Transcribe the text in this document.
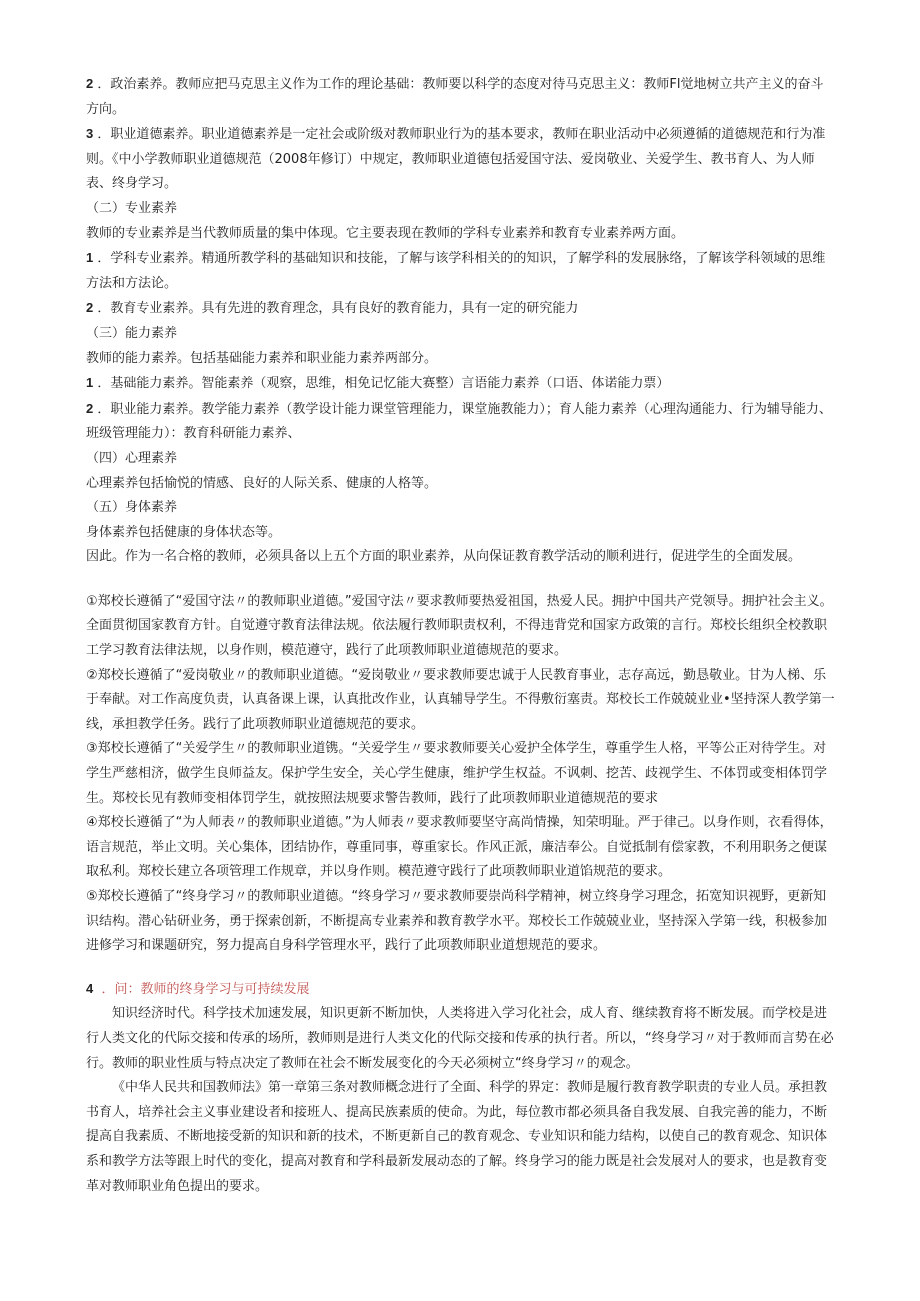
2 ．政治素养。教师应把马克思主义作为工作的理论基础：教师要以科学的态度对待马克思主义：教师Fl觉地树立共产主义的奋斗方向。

3 ．职业道德素养。职业道德素养是一定社会或阶级对教师职业行为的基本要求，教师在职业活动中必须遵循的道德规范和行为准则。《中小学教师职业道德规范（2008年修订）中规定，教师职业道德包括爱国守法、爱岗敬业、关爱学生、教书育人、为人师表、终身学习。

（二）专业素养

教师的专业素养是当代教师质量的集中体现。它主要表现在教师的学科专业素养和教育专业素养两方面。

1 ．学科专业素养。精通所教学科的基础知识和技能，了解与该学科相关的的知识，了解学科的发展脉络，了解该学科领域的思维方法和方法论。

2 ．教育专业素养。具有先进的教育理念，具有良好的教育能力，具有一定的研究能力

（三）能力素养

教师的能力素养。包括基础能力素养和职业能力素养两部分。

1 ．基础能力素养。智能素养（观察，思维，相免记忆能大赛整）言语能力素养（口语、体诺能力票）

2 ．职业能力素养。教学能力素养（教学设计能力课堂管理能力，课堂施教能力）；育人能力素养（心理沟通能力、行为辅导能力、班级管理能力）：教育科研能力素养、

（四）心理素养

心理素养包括愉悦的情感、良好的人际关系、健康的人格等。

（五）身体素养

身体素养包括健康的身体状态等。

因此。作为一名合格的教师，必须具备以上五个方面的职业素养，从向保证教育教学活动的顺利进行，促进学生的全面发展。

①郑校长遵循了“爱国守法〃的教师职业道德。”爱国守法〃要求教师要热爱祖国，热爱人民。拥护中国共产党领导。拥护社会主义。全面贯彻国家教育方针。自觉遵守教育法律法规。依法履行教师职责权利，不得违背党和国家方政策的言行。郑校长组织全校教职工学习教育法律法规，以身作则，模范遵守，践行了此项教师职业道德规范的要求。

②郑校长遵循了“爱岗敬业〃的教师职业道德。“爱岗敬业〃要求教师要忠诚于人民教育事业，志存高远，勤恳敬业。甘为人梯、乐于奉献。对工作高度负责，认真备课上课，认真批改作业，认真辅导学生。不得敷衍塞责。郑校长工作兢兢业业•坚持深人教学第一线，承担教学任务。践行了此项教师职业道德规范的要求。

③郑校长遵循了“关爱学生〃的教师职业道镌。“关爱学生〃要求教师要关心爱护全体学生，尊重学生人格，平等公正对待学生。对学生严慈相济，做学生良师益友。保护学生安全，关心学生健康，维护学生权益。不讽刺、挖苦、歧视学生、不体罚或变相体罚学生。郑校长见有教师变相体罚学生，就按照法规要求警告教师，践行了此项教师职业道德规范的要求

④郑校长遵循了“为人师表〃的教师职业道德。”为人师表〃要求教师要坚守高尚情操，知荣明耻。严于律己。以身作则，衣看得体，语言规范，举止文明。关心集体，团结协作，尊重同事，尊重家长。作风正派，廉洁奉公。自觉抵制有偿家教，不利用职务之便谋取私利。郑校长建立各项管理工作规章，并以身作则。模范遵守践行了此项教师职业道馅规范的要求。

⑤郑校长遵循了“终身学习〃的教师职业道德。“终身学习〃要求教师要崇尚科学精神，树立终身学习理念，拓宽知识视野，更新知识结构。潜心钻研业务，勇于探索创新，不断提高专业素养和教育教学水平。郑校长工作兢兢业业，坚持深入学第一线，积极参加进修学习和课题研究，努力提高自身科学管理水平，践行了此项教师职业道想规范的要求。

4 ．问：教师的终身学习与可持续发展

知识经济时代。科学技术加速发展，知识更新不断加快，人类将进入学习化社会，成人育、继续教育将不断发展。而学校是进行人类文化的代际交接和传承的场所，教师则是进行人类文化的代际交接和传承的执行者。所以，“终身学习〃对于教师而言势在必行。教师的职业性质与特点决定了教师在社会不断发展变化的今天必须树立“终身学习〃的观念。

《中华人民共和国教师法》第一章第三条对教师概念进行了全面、科学的界定：教师是履行教育教学职责的专业人员。承担教书育人，培养社会主义事业建设者和接班人、提高民族素质的使命。为此，每位教市都必须具备自我发展、自我完善的能力，不断提高自我素质、不断地接受新的知识和新的技术，不断更新自己的教育观念、专业知识和能力结构，以使自己的教育观念、知识体系和教学方法等跟上时代的变化，提高对教育和学科最新发展动态的了解。终身学习的能力既是社会发展对人的要求，也是教育变革对教师职业角色提出的要求。
